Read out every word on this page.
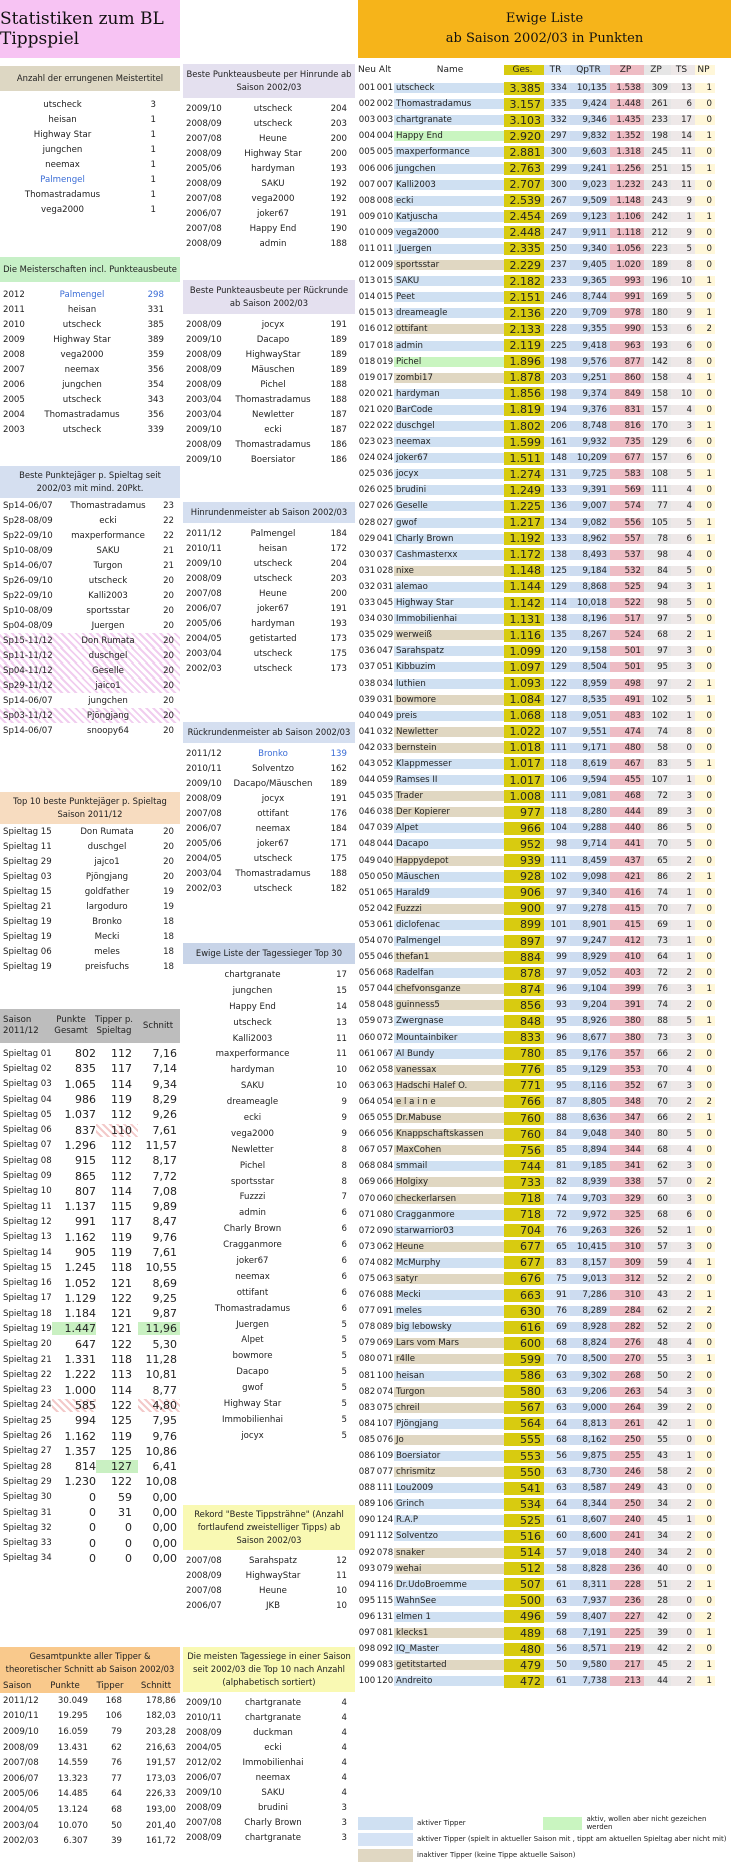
Statistiken zum BL Tippspiel
Anzahl der errungenen Meistertitel
utscheck	3
heisan	1
Highway Star	1
jungchen	1
neemax	1
Palmengel	1
Thomastradamus	1
vega2000	1
Die Meisterschaften incl. Punkteausbeute
2012	Palmengel	298
2011	heisan	331
2010	utscheck	385
2009	Highway Star	389
2008	vega2000	359
2007	neemax	356
2006	jungchen	354
2005	utscheck	343
2004	Thomastradamus	356
2003	utscheck	339
Beste Punktejäger p. Spieltag seit 2002/03 mit mind. 20Pkt.
Sp14-06/07	Thomastradamus	23
Sp28-08/09	ecki	22
Sp22-09/10	maxperformance	22
Sp10-08/09	SAKU	21
Sp14-06/07	Turgon	21
Sp26-09/10	utscheck	20
Sp22-09/10	Kalli2003	20
Sp10-08/09	sportsstar	20
Sp04-08/09	Juergen	20
Sp15-11/12	Don Rumata	20
Sp11-11/12	duschgel	20
Sp04-11/12	Geselle	20
Sp29-11/12	jaico1	20
Sp14-06/07	jungchen	20
Sp03-11/12	Pjöngjang	20
Sp14-06/07	snoopy64	20
Top 10 beste Punktejäger p. Spieltag Saison 2011/12
Spieltag 15	Don Rumata	20
Spieltag 11	duschgel	20
Spieltag 29	jajco1	20
Spieltag 03	Pjöngjang	20
Spieltag 15	goldfather	19
Spieltag 21	largoduro	19
Spieltag 19	Bronko	18
Spieltag 19	Mecki	18
Spieltag 06	meles	18
Spieltag 19	preisfuchs	18
Saison 2011/12
Punkte Gesamt
Tipper p. Spieltag	Schnitt
Spieltag 01	802	112	7,16
Spieltag 02	835	117	7,14
Spieltag 03	1.065	114	9,34
Spieltag 04	986	119	8,29
Spieltag 05	1.037	112	9,26
Spieltag 06	837	110	7,61
Spieltag 07	1.296	112	11,57
Spieltag 08	915	112	8,17
Spieltag 09	865	112	7,72
Spieltag 10	807	114	7,08
Spieltag 11	1.137	115	9,89
Spieltag 12	991	117	8,47
Spieltag 13	1.162	119	9,76
Spieltag 14	905	119	7,61
Spieltag 15	1.245	118	10,55
Spieltag 16	1.052	121	8,69
Spieltag 17	1.129	122	9,25
Spieltag 18	1.184	121	9,87
Spieltag 19	1.447	121	11,96
Spieltag 20	647	122	5,30
Spieltag 21	1.331	118	11,28
Spieltag 22	1.222	113	10,81
Spieltag 23	1.000	114	8,77
Spieltag 24	585	122	4,80
Spieltag 25	994	125	7,95
Spieltag 26	1.162	119	9,76
Spieltag 27	1.357	125	10,86
Spieltag 28	814	127	6,41
Spieltag 29	1.230	122	10,08
Spieltag 30	0	59	0,00
Spieltag 31	0	31	0,00
Spieltag 32	0	0	0,00
Spieltag 33	0	0	0,00
Spieltag 34	0	0	0,00
Gesamtpunkte aller Tipper & theoretischer Schnitt ab Saison 2002/03
Saison	Punkte	Tipper	Schnitt
2011/12	30.049	168	178,86
2010/11	19.295	106	182,03
2009/10	16.059	79	203,28
2008/09	13.431	62	216,63
2007/08	14.559	76	191,57
2006/07	13.323	77	173,03
2005/06	14.485	64	226,33
2004/05	13.124	68	193,00
2003/04	10.070	50	201,40
2002/03	6.307	39	161,72
Beste Punkteausbeute per Hinrunde ab Saison 2002/03
2009/10	utscheck	204
2008/09	utscheck	203
2007/08	Heune	200
2008/09	Highway Star	200
2005/06	hardyman	193
2008/09	SAKU	192
2007/08	vega2000	192
2006/07	joker67	191
2007/08	Happy End	190
2008/09	admin	188
Beste Punkteausbeute per Rückrunde ab Saison 2002/03
2008/09	jocyx	191
2009/10	Dacapo	189
2008/09	HighwayStar	189
2008/09	Mäuschen	189
2008/09	Pichel	188
2003/04	Thomastradamus	188
2003/04	Newletter	187
2009/10	ecki	187
2008/09	Thomastradamus	186
2009/10	Boersiator	186
Hinrundenmeister ab Saison 2002/03
2011/12	Palmengel	184
2010/11	heisan	172
2009/10	utscheck	204
2008/09	utscheck	203
2007/08	Heune	200
2006/07	joker67	191
2005/06	hardyman	193
2004/05	getistarted	173
2003/04	utscheck	175
2002/03	utscheck	173
Rückrundenmeister ab Saison 2002/03
2011/12	Bronko	139
2010/11	Solventzo	162
2009/10	Dacapo/Mäuschen	189
2008/09	jocyx	191
2007/08	ottifant	176
2006/07	neemax	184
2005/06	joker67	171
2004/05	utscheck	175
2003/04	Thomastradamus	188
2002/03	utscheck	182
Ewige Liste der Tagessieger Top 30
chartgranate	17
jungchen	15
Happy End	14
utscheck	13
Kalli2003	11
maxperformance	11
hardyman	10
SAKU	10
dreameagle	9
ecki	9
vega2000	9
Newletter	8
Pichel	8
sportsstar	8
Fuzzzi	7
admin	6
Charly Brown	6
Cragganmore	6
joker67	6
neemax	6
ottifant	6
Thomastradamus	6
Juergen	5
Alpet	5
bowmore	5
Dacapo	5
gwof	5
Highway Star	5
Immobilienhai	5
jocyx	5
Rekord "Beste Tippsträhne" (Anzahl fortlaufend zweistelliger Tipps) ab Saison 2002/03
2007/08	Sarahspatz	12
2008/09	HighwayStar	11
2007/08	Heune	10
2006/07	JKB	10
Die meisten Tagessiege in einer Saison seit 2002/03 die Top 10 nach Anzahl (alphabetisch sortiert)
2009/10	chartgranate	4
2010/11	chartgranate	4
2008/09	duckman	4
2004/05	ecki	4
2012/02	Immobilienhai	4
2006/07	neemax	4
2009/10	SAKU	4
2008/09	brudini	3
2007/08	Charly Brown	3
2008/09	chartgranate	3
Ewige Liste
ab Saison 2002/03 in Punkten
Neu Alt	Name	Ges.	TR	QpTR	ZP	ZP	TS	NP
001 001 utscheck	3.385	334	10,135	1.538	309	13	1
002 002 Thomastradamus	3.157	335	9,424	1.448	261	6	0
003 003 chartgranate	3.103	332	9,346	1.435	233	17	0
004 004 Happy End	2.920	297	9,832	1.352	198	14	1
005 005 maxperformance	2.881	300	9,603	1.318	245	11	0
006 006 jungchen	2.763	299	9,241	1.256	251	15	1
007 007 Kalli2003	2.707	300	9,023	1.232	243	11	0
008 008 ecki	2.539	267	9,509	1.148	243	9	0
009 010 Katjuscha	2.454	269	9,123	1.106	242	1	1
010 009 vega2000	2.448	247	9,911	1.118	212	9	0
011 011 .Juergen	2.335	250	9,340	1.056	223	5	0
012 009 sportsstar	2.229	237	9,405	1.020	189	8	0
013 015 SAKU	2.182	233	9,365	993	196	10	1
014 015 Peet	2.151	246	8,744	991	169	5	0
015 013 dreameagle	2.136	220	9,709	978	180	9	1
016 012 ottifant	2.133	228	9,355	990	153	6	2
017 018 admin	2.119	225	9,418	963	193	6	0
018 019 Pichel	1.896	198	9,576	877	142	8	0
019 017 zombi17	1.878	203	9,251	860	158	4	1
020 021 hardyman	1.856	198	9,374	849	158	10	0
021 020 BarCode	1.819	194	9,376	831	157	4	0
022 022 duschgel	1.802	206	8,748	816	170	3	1
023 023 neemax	1.599	161	9,932	735	129	6	0
024 024 joker67	1.511	148	10,209	677	157	6	0
025 036 jocyx	1.274	131	9,725	583	108	5	1
026 025 brudini	1.249	133	9,391	569	111	4	0
027 026 Geselle	1.225	136	9,007	574	77	4	0
028 027 gwof	1.217	134	9,082	556	105	5	1
029 041 Charly Brown	1.192	133	8,962	557	78	6	1
030 037 Cashmasterxx	1.172	138	8,493	537	98	4	0
031 028 nixe	1.148	125	9,184	532	84	5	0
032 031 alemao	1.144	129	8,868	525	94	3	1
033 045 Highway Star	1.142	114	10,018	522	98	5	0
034 030 Immobilienhai	1.131	138	8,196	517	97	5	0
035 029 werweiß	1.116	135	8,267	524	68	2	1
036 047 Sarahspatz	1.099	120	9,158	501	97	3	0
037 051 Kibbuzim	1.097	129	8,504	501	95	3	0
038 034 luthien	1.093	122	8,959	498	97	2	1
039 031 bowmore	1.084	127	8,535	491	102	5	1
040 049 preis	1.068	118	9,051	483	102	1	0
041 032 Newletter	1.022	107	9,551	474	74	8	0
042 033 bernstein	1.018	111	9,171	480	58	0	0
043 052 Klappmesser	1.017	118	8,619	467	83	5	1
044 059 Ramses II	1.017	106	9,594	455	107	1	0
045 035 Trader	1.008	111	9,081	468	72	3	0
046 038 Der Kopierer	977	118	8,280	444	89	3	0
047 039 Alpet	966	104	9,288	440	86	5	0
048 044 Dacapo	952	98	9,714	441	70	5	0
049 040 Happydepot	939	111	8,459	437	65	2	0
050 050 Mäuschen	928	102	9,098	421	86	2	1
051 065 Harald9	906	97	9,340	416	74	1	0
052 042 Fuzzzi	900	97	9,278	415	70	7	0
053 061 diclofenac	899	101	8,901	415	69	1	0
054 070 Palmengel	897	97	9,247	412	73	1	0
055 046 thefan1	884	99	8,929	410	64	1	0
056 068 Radelfan	878	97	9,052	403	72	2	0
057 044 chefvonsganze	874	96	9,104	399	76	3	1
058 048 guinness5	856	93	9,204	391	74	2	0
059 073 Zwergnase	848	95	8,926	380	88	5	1
060 072 Mountainbiker	833	96	8,677	380	73	3	0
061 067 Al Bundy	780	85	9,176	357	66	2	0
062 058 vanessax	776	85	9,129	353	70	4	0
063 063 Hadschi Halef O.	771	95	8,116	352	67	3	0
064 054 e l a i n e	766	87	8,805	348	70	2	2
065 055 Dr.Mabuse	760	88	8,636	347	66	2	1
066 056 Knappschaftskassen	760	84	9,048	340	80	5	0
067 057 MaxCohen	756	85	8,894	344	68	4	0
068 084 smmail	744	81	9,185	341	62	3	0
069 066 Holgixy	733	82	8,939	338	57	0	2
070 060 checkerlarsen	718	74	9,703	329	60	3	0
071 080 Cragganmore	718	72	9,972	325	68	6	0
072 090 starwarrior03	704	76	9,263	326	52	1	0
073 062 Heune	677	65	10,415	310	57	3	0
074 082 McMurphy	677	83	8,157	309	59	4	1
075 063 satyr	676	75	9,013	312	52	2	0
076 088 Mecki	663	91	7,286	310	43	2	1
077 091 meles	630	76	8,289	284	62	2	2
078 089 big lebowsky	616	69	8,928	282	52	2	0
079 069 Lars vom Mars	600	68	8,824	276	48	4	0
080 071 r4lle	599	70	8,500	270	55	3	1
081 100 heisan	586	63	9,302	268	50	2	0
082 074 Turgon	580	63	9,206	263	54	3	0
083 075 chreil	567	63	9,000	264	39	2	0
084 107 Pjöngjang	564	64	8,813	261	42	1	0
085 076 Jo	555	68	8,162	250	55	0	0
086 109 Boersiator	553	56	9,875	255	43	1	0
087 077 chrismitz	550	63	8,730	246	58	2	0
088 111 Lou2009	541	63	8,587	249	43	0	0
089 106 Grinch	534	64	8,344	250	34	2	0
090 124 R.A.P	525	61	8,607	240	45	1	0
091 112 Solventzo	516	60	8,600	241	34	2	0
092 078 snaker	514	57	9,018	240	34	2	0
093 079 wehai	512	58	8,828	236	40	0	0
094 116 Dr.UdoBroemme	507	61	8,311	228	51	2	1
095 115 WahnSee	500	63	7,937	236	28	0	0
096 131 elmen 1	496	59	8,407	227	42	0	2
097 081 klecks1	489	68	7,191	225	39	0	1
098 092 IQ_Master	480	56	8,571	219	42	2	0
099 083 getitstarted	479	50	9,580	217	45	2	1
100 120 Andreito	472	61	7,738	213	44	2	1
aktiver Tipper	aktiv, wollen aber nicht gezeichen werden
aktiver Tipper (spielt in aktueller Saison mit , tippt am aktuellen Spieltag aber nicht mit)
inaktiver Tipper (keine Tippe aktuelle Saison)
